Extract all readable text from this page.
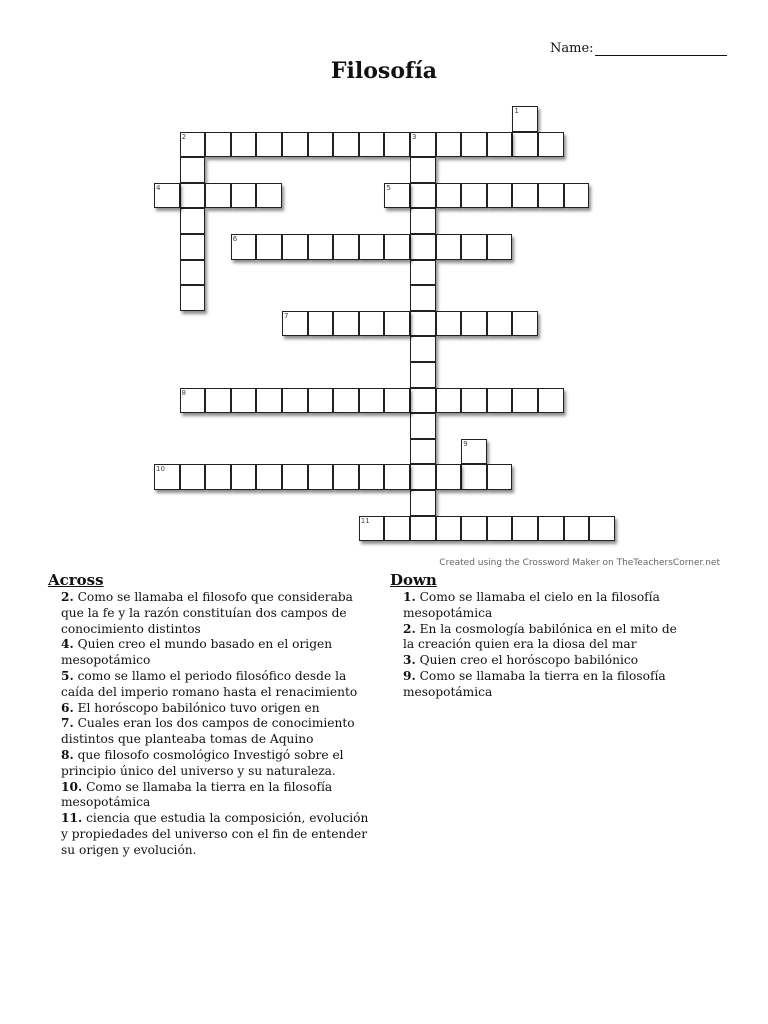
Name:
Filosofía
1
2	3
4	5
6
7
8
9
10
11
Created using the Crossword Maker on TheTeachersCorner.net
Across
2. Como se llamaba el filosofo que consideraba que la fe y la razón constituían dos campos de conocimiento distintos
4. Quien creo el mundo basado en el origen mesopotámico
5. como se llamo el periodo filosófico desde la caída del imperio romano hasta el renacimiento
6. El horóscopo babilónico tuvo origen en
7. Cuales eran los dos campos de conocimiento distintos que planteaba tomas de Aquino
8. que filosofo cosmológico Investigó sobre el principio único del universo y su naturaleza.
10. Como se llamaba la tierra en la filosofía mesopotámica
11. ciencia que estudia la composición, evolución y propiedades del universo con el fin de entender su origen y evolución.
Down
1. Como se llamaba el cielo en la filosofía mesopotámica
2. En la cosmología babilónica en el mito de la creación quien era la diosa del mar
3. Quien creo el horóscopo babilónico
9. Como se llamaba la tierra en la filosofía mesopotámica
